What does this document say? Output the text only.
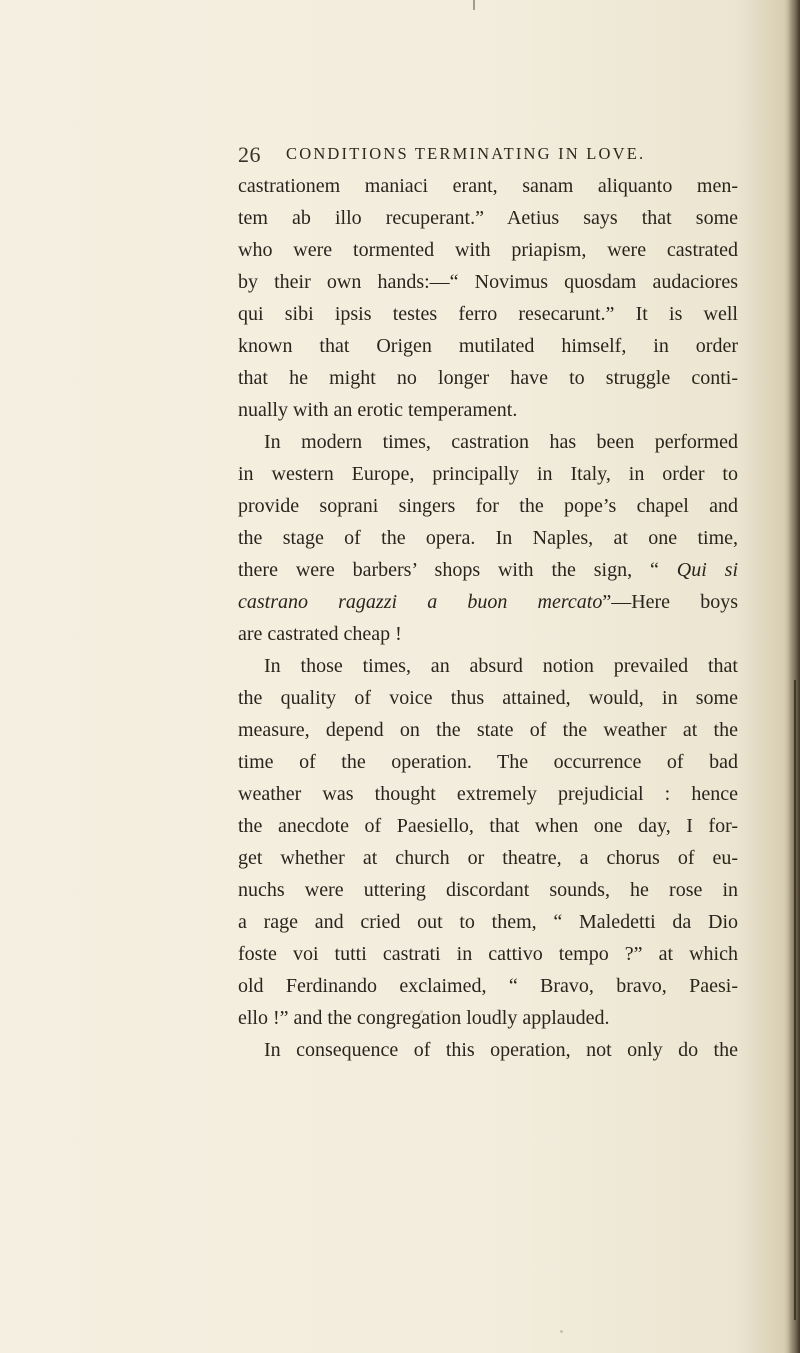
26 CONDITIONS TERMINATING IN LOVE.
castrationem maniaci erant, sanam aliquanto men-
tem ab illo recuperant.” Aetius says that some
who were tormented with priapism, were castrated
by their own hands:—“ Novimus quosdam audaciores
qui sibi ipsis testes ferro resecarunt.” It is well
known that Origen mutilated himself, in order
that he might no longer have to struggle conti-
nually with an erotic temperament.
In modern times, castration has been performed
in western Europe, principally in Italy, in order to
provide soprani singers for the pope’s chapel and
the stage of the opera. In Naples, at one time,
there were barbers’ shops with the sign, “ Qui si
castrano ragazzi a buon mercato”—Here boys
are castrated cheap !
In those times, an absurd notion prevailed that
the quality of voice thus attained, would, in some
measure, depend on the state of the weather at the
time of the operation. The occurrence of bad
weather was thought extremely prejudicial : hence
the anecdote of Paesiello, that when one day, I for-
get whether at church or theatre, a chorus of eu-
nuchs were uttering discordant sounds, he rose in
a rage and cried out to them, “ Maledetti da Dio
foste voi tutti castrati in cattivo tempo ?” at which
old Ferdinando exclaimed, “ Bravo, bravo, Paesi-
ello !” and the congregation loudly applauded.
In consequence of this operation, not only do the
